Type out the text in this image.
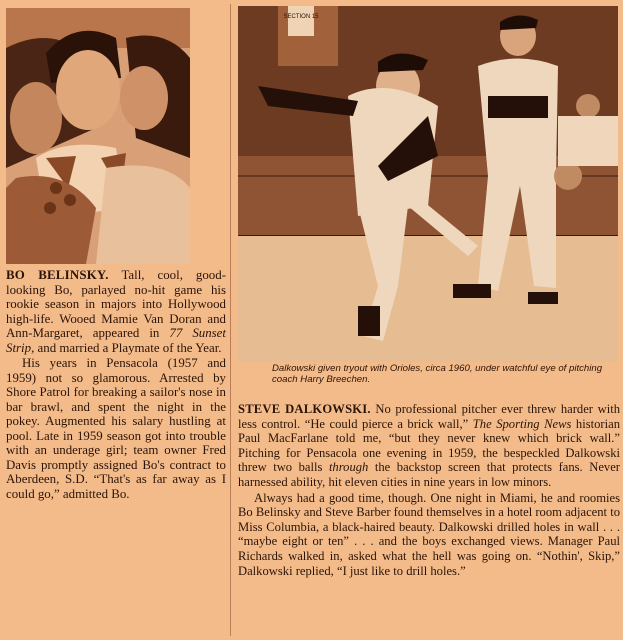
SECTION 15
Dalkowski given tryout with Orioles, circa 1960, under watchful eye of pitching coach Harry Breechen.

BO BELINSKY. Tall, cool, good-looking Bo, parlayed no-hit game his rookie season in majors into Hollywood high-life. Wooed Mamie Van Doran and Ann-Margaret, appeared in 77 Sunset Strip, and married a Playmate of the Year.

His years in Pensacola (1957 and 1959) not so glamorous. Arrested by Shore Patrol for breaking a sailor's nose in bar brawl, and spent the night in the pokey. Augmented his salary hustling at pool. Late in 1959 season got into trouble with an underage girl; team owner Fred Davis promptly assigned Bo's contract to Aberdeen, S.D. “That's as far away as I could go,” admitted Bo.

STEVE DALKOWSKI. No professional pitcher ever threw harder with less control. “He could pierce a brick wall,” The Sporting News historian Paul MacFarlane told me, “but they never knew which brick wall.” Pitching for Pensacola one evening in 1959, the bespeckled Dalkowski threw two balls through the backstop screen that protects fans. Never harnessed ability, hit eleven cities in nine years in low minors.

Always had a good time, though. One night in Miami, he and roomies Bo Belinsky and Steve Barber found themselves in a hotel room adjacent to Miss Columbia, a black-haired beauty. Dalkowski drilled holes in wall . . . “maybe eight or ten” . . . and the boys exchanged views. Manager Paul Richards walked in, asked what the hell was going on. “Nothin', Skip,” Dalkowski replied, “I just like to drill holes.”
